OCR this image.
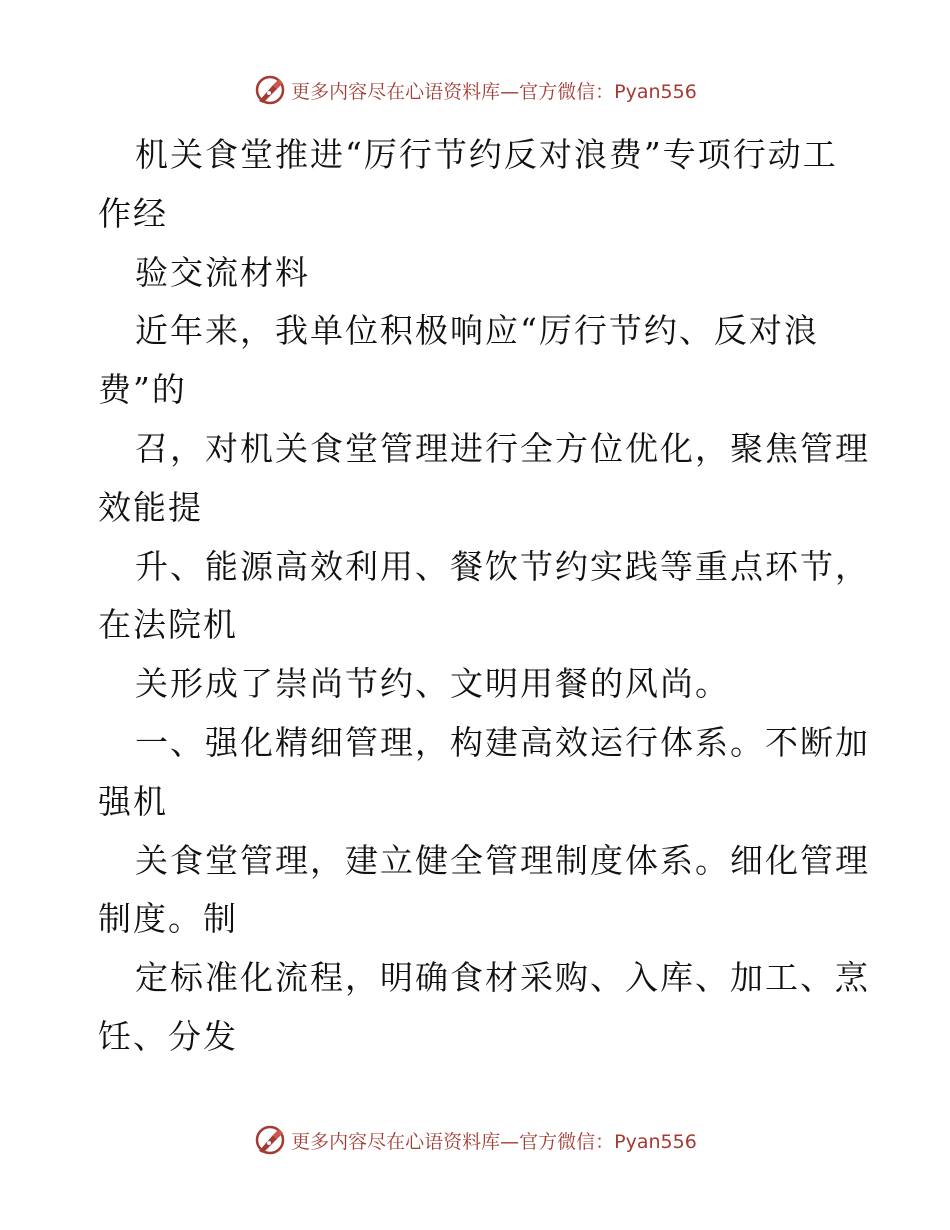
更多内容尽在心语资料库—官方微信：Pyan556
机关食堂推进“厉行节约反对浪费”专项行动工
作经
验交流材料
近年来，我单位积极响应“厉行节约、反对浪
费”的
召，对机关食堂管理进行全方位优化，聚焦管理
效能提
升、能源高效利用、餐饮节约实践等重点环节，
在法院机
关形成了崇尚节约、文明用餐的风尚。
一、强化精细管理，构建高效运行体系。不断加
强机
关食堂管理，建立健全管理制度体系。细化管理
制度。制
定标准化流程，明确食材采购、入库、加工、烹
饪、分发
更多内容尽在心语资料库—官方微信：Pyan556
